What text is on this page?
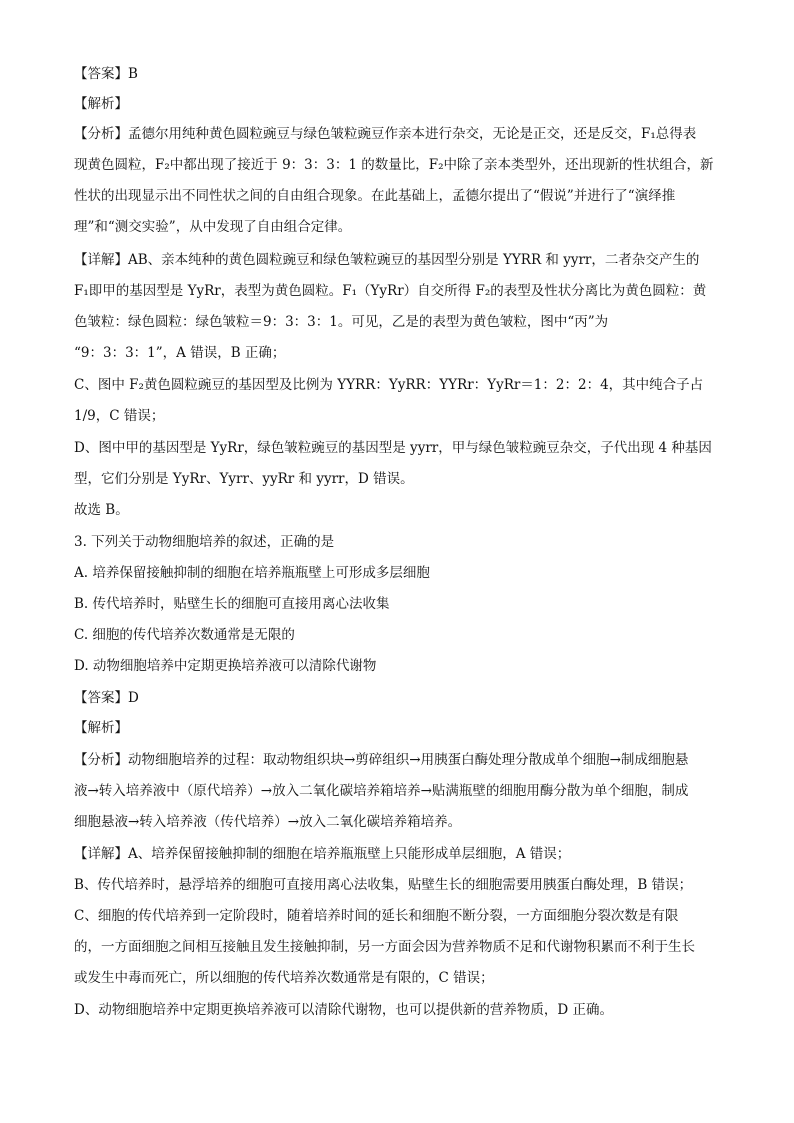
【答案】B
【解析】
【分析】孟德尔用纯种黄色圆粒豌豆与绿色皱粒豌豆作亲本进行杂交，无论是正交，还是反交，F₁总得表
现黄色圆粒，F₂中都出现了接近于 9：3：3：1 的数量比，F₂中除了亲本类型外，还出现新的性状组合，新
性状的出现显示出不同性状之间的自由组合现象。在此基础上，孟德尔提出了“假说”并进行了“演绎推
理”和“测交实验”，从中发现了自由组合定律。
【详解】AB、亲本纯种的黄色圆粒豌豆和绿色皱粒豌豆的基因型分别是 YYRR 和 yyrr，二者杂交产生的
F₁即甲的基因型是 YyRr，表型为黄色圆粒。F₁（YyRr）自交所得 F₂的表型及性状分离比为黄色圆粒：黄
色皱粒：绿色圆粒：绿色皱粒＝9：3：3：1。可见，乙是的表型为黄色皱粒，图中“丙”为
“9：3：3：1”，A 错误，B 正确；
C、图中 F₂黄色圆粒豌豆的基因型及比例为 YYRR：YyRR：YYRr：YyRr＝1：2：2：4，其中纯合子占
1/9，C 错误；
D、图中甲的基因型是 YyRr，绿色皱粒豌豆的基因型是 yyrr，甲与绿色皱粒豌豆杂交，子代出现 4 种基因
型，它们分别是 YyRr、Yyrr、yyRr 和 yyrr，D 错误。
故选 B。
3. 下列关于动物细胞培养的叙述，正确的是
A. 培养保留接触抑制的细胞在培养瓶瓶壁上可形成多层细胞
B. 传代培养时，贴壁生长的细胞可直接用离心法收集
C. 细胞的传代培养次数通常是无限的
D. 动物细胞培养中定期更换培养液可以清除代谢物
【答案】D
【解析】
【分析】动物细胞培养的过程：取动物组织块→剪碎组织→用胰蛋白酶处理分散成单个细胞→制成细胞悬
液→转入培养液中（原代培养）→放入二氧化碳培养箱培养→贴满瓶壁的细胞用酶分散为单个细胞，制成
细胞悬液→转入培养液（传代培养）→放入二氧化碳培养箱培养。
【详解】A、培养保留接触抑制的细胞在培养瓶瓶壁上只能形成单层细胞，A 错误；
B、传代培养时，悬浮培养的细胞可直接用离心法收集，贴壁生长的细胞需要用胰蛋白酶处理，B 错误；
C、细胞的传代培养到一定阶段时，随着培养时间的延长和细胞不断分裂，一方面细胞分裂次数是有限
的，一方面细胞之间相互接触且发生接触抑制，另一方面会因为营养物质不足和代谢物积累而不利于生长
或发生中毒而死亡，所以细胞的传代培养次数通常是有限的，C 错误；
D、动物细胞培养中定期更换培养液可以清除代谢物，也可以提供新的营养物质，D 正确。
